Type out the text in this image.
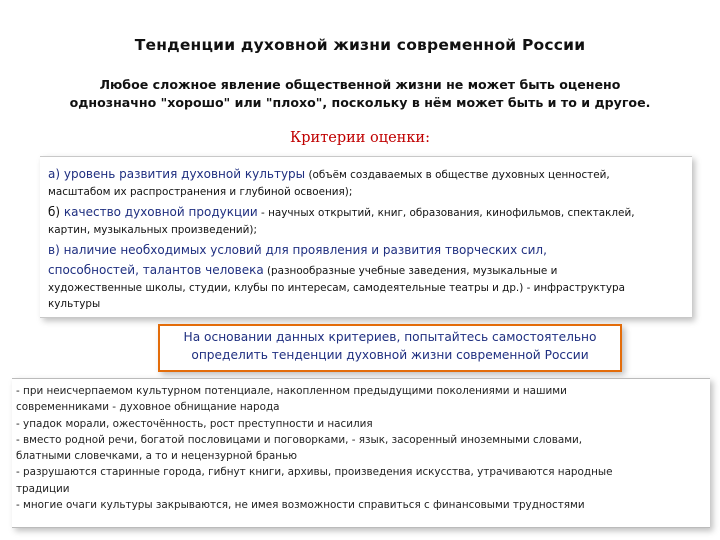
Тенденции духовной жизни современной России
Любое сложное явление общественной жизни не может быть оценено
однозначно "хорошо" или "плохо", поскольку в нём может быть и то и другое.
Критерии оценки:

а) уровень развития духовной культуры (объём создаваемых в обществе духовных ценностей,
масштабом их распространения и глубиной освоения);

б) качество духовной продукции - научных открытий, книг, образования, кинофильмов, спектаклей,
картин, музыкальных произведений);

в) наличие необходимых условий для проявления и развития творческих сил,
способностей, талантов человека (разнообразные учебные заведения, музыкальные и
художественные школы, студии, клубы по интересам, самодеятельные театры и др.) - инфраструктура
культуры

На основании данных критериев, попытайтесь самостоятельно
определить тенденции духовной жизни современной России
- при неисчерпаемом культурном потенциале, накопленном предыдущими поколениями и нашими
современниками - духовное обнищание народа
- упадок морали, ожесточённость, рост преступности и насилия
- вместо родной речи, богатой пословицами и поговорками, - язык, засоренный иноземными словами,
блатными словечками, а то и нецензурной бранью
- разрушаются старинные города, гибнут книги, архивы, произведения искусства, утрачиваются народные
традиции
- многие очаги культуры закрываются, не имея возможности справиться с финансовыми трудностями
